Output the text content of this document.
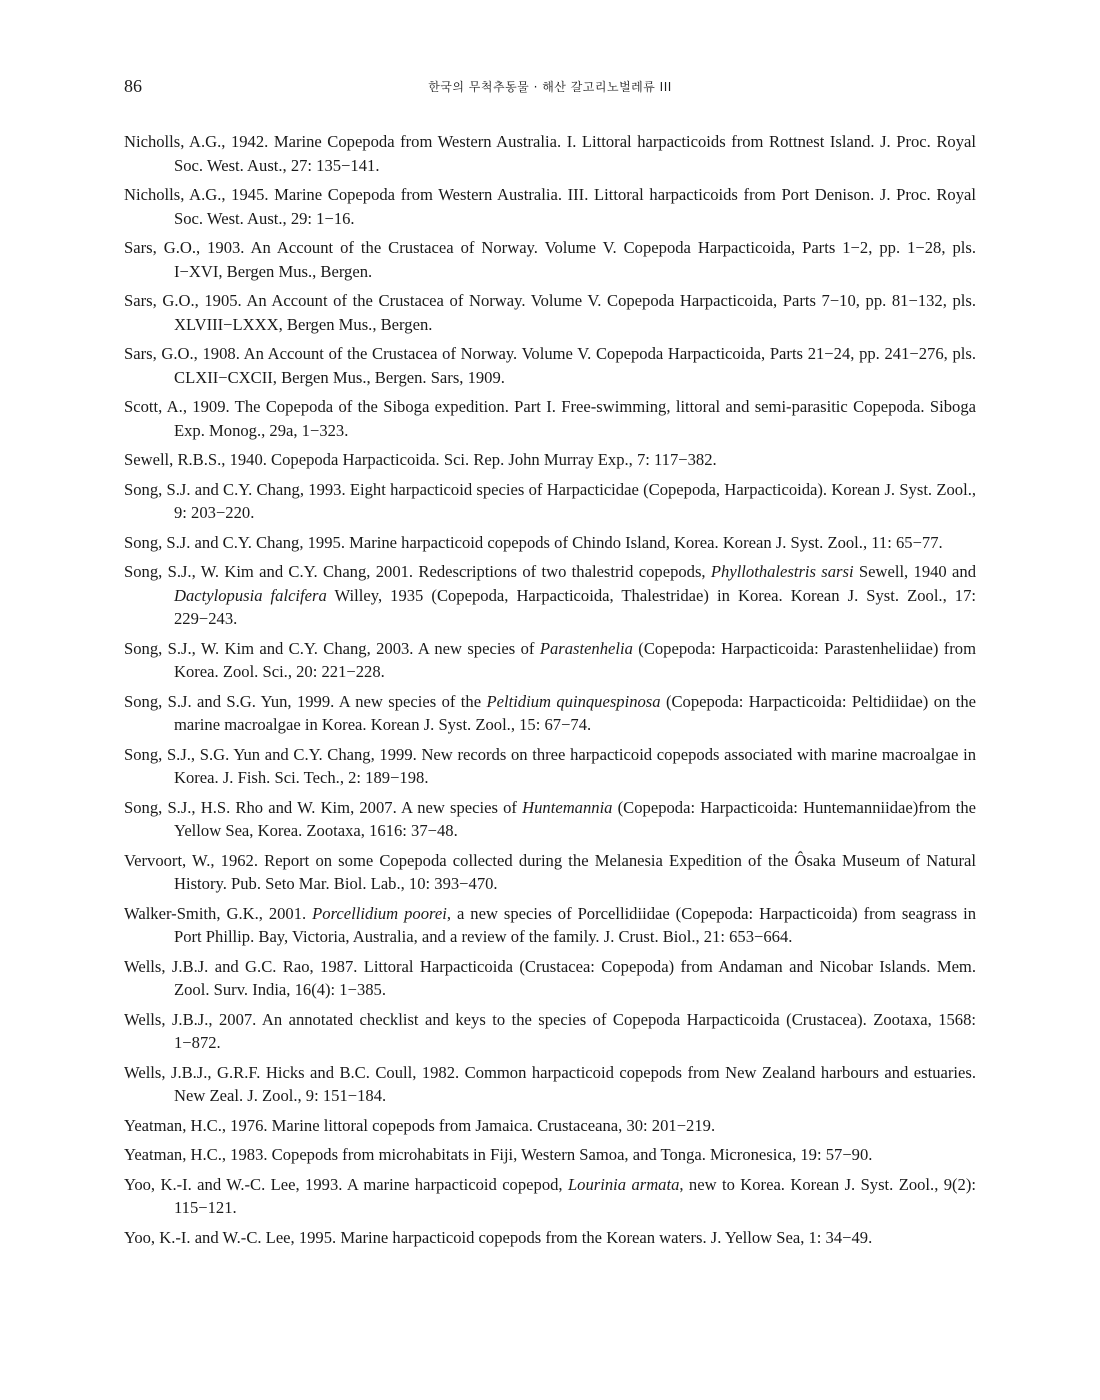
86	한국의 무척추동물 · 해산 갈고리노벌레류 III
Nicholls, A.G., 1942. Marine Copepoda from Western Australia. I. Littoral harpacticoids from Rottnest Island. J. Proc. Royal Soc. West. Aust., 27: 135−141.
Nicholls, A.G., 1945. Marine Copepoda from Western Australia. III. Littoral harpacticoids from Port Denison. J. Proc. Royal Soc. West. Aust., 29: 1−16.
Sars, G.O., 1903. An Account of the Crustacea of Norway. Volume V. Copepoda Harpacticoida, Parts 1−2, pp. 1−28, pls. I−XVI, Bergen Mus., Bergen.
Sars, G.O., 1905. An Account of the Crustacea of Norway. Volume V. Copepoda Harpacticoida, Parts 7−10, pp. 81−132, pls. XLVIII−LXXX, Bergen Mus., Bergen.
Sars, G.O., 1908. An Account of the Crustacea of Norway. Volume V. Copepoda Harpacticoida, Parts 21−24, pp. 241−276, pls. CLXII−CXCII, Bergen Mus., Bergen. Sars, 1909.
Scott, A., 1909. The Copepoda of the Siboga expedition. Part I. Free-swimming, littoral and semi-parasitic Copepoda. Siboga Exp. Monog., 29a, 1−323.
Sewell, R.B.S., 1940. Copepoda Harpacticoida. Sci. Rep. John Murray Exp., 7: 117−382.
Song, S.J. and C.Y. Chang, 1993. Eight harpacticoid species of Harpacticidae (Copepoda, Harpacticoida). Korean J. Syst. Zool., 9: 203−220.
Song, S.J. and C.Y. Chang, 1995. Marine harpacticoid copepods of Chindo Island, Korea. Korean J. Syst. Zool., 11: 65−77.
Song, S.J., W. Kim and C.Y. Chang, 2001. Redescriptions of two thalestrid copepods, Phyllothalestris sarsi Sewell, 1940 and Dactylopusia falcifera Willey, 1935 (Copepoda, Harpacticoida, Thalestridae) in Korea. Korean J. Syst. Zool., 17: 229−243.
Song, S.J., W. Kim and C.Y. Chang, 2003. A new species of Parastenhelia (Copepoda: Harpacticoida: Parastenheliidae) from Korea. Zool. Sci., 20: 221−228.
Song, S.J. and S.G. Yun, 1999. A new species of the Peltidium quinquespinosa (Copepoda: Harpacticoida: Peltidiidae) on the marine macroalgae in Korea. Korean J. Syst. Zool., 15: 67−74.
Song, S.J., S.G. Yun and C.Y. Chang, 1999. New records on three harpacticoid copepods associated with marine macroalgae in Korea. J. Fish. Sci. Tech., 2: 189−198.
Song, S.J., H.S. Rho and W. Kim, 2007. A new species of Huntemannia (Copepoda: Harpacticoida: Huntemanniidae)from the Yellow Sea, Korea. Zootaxa, 1616: 37−48.
Vervoort, W., 1962. Report on some Copepoda collected during the Melanesia Expedition of the Ôsaka Museum of Natural History. Pub. Seto Mar. Biol. Lab., 10: 393−470.
Walker-Smith, G.K., 2001. Porcellidium poorei, a new species of Porcellidiidae (Copepoda: Harpacticoida) from seagrass in Port Phillip. Bay, Victoria, Australia, and a review of the family. J. Crust. Biol., 21: 653−664.
Wells, J.B.J. and G.C. Rao, 1987. Littoral Harpacticoida (Crustacea: Copepoda) from Andaman and Nicobar Islands. Mem. Zool. Surv. India, 16(4): 1−385.
Wells, J.B.J., 2007. An annotated checklist and keys to the species of Copepoda Harpacticoida (Crustacea). Zootaxa, 1568: 1−872.
Wells, J.B.J., G.R.F. Hicks and B.C. Coull, 1982. Common harpacticoid copepods from New Zealand harbours and estuaries. New Zeal. J. Zool., 9: 151−184.
Yeatman, H.C., 1976. Marine littoral copepods from Jamaica. Crustaceana, 30: 201−219.
Yeatman, H.C., 1983. Copepods from microhabitats in Fiji, Western Samoa, and Tonga. Micronesica, 19: 57−90.
Yoo, K.-I. and W.-C. Lee, 1993. A marine harpacticoid copepod, Lourinia armata, new to Korea. Korean J. Syst. Zool., 9(2): 115−121.
Yoo, K.-I. and W.-C. Lee, 1995. Marine harpacticoid copepods from the Korean waters. J. Yellow Sea, 1: 34−49.
